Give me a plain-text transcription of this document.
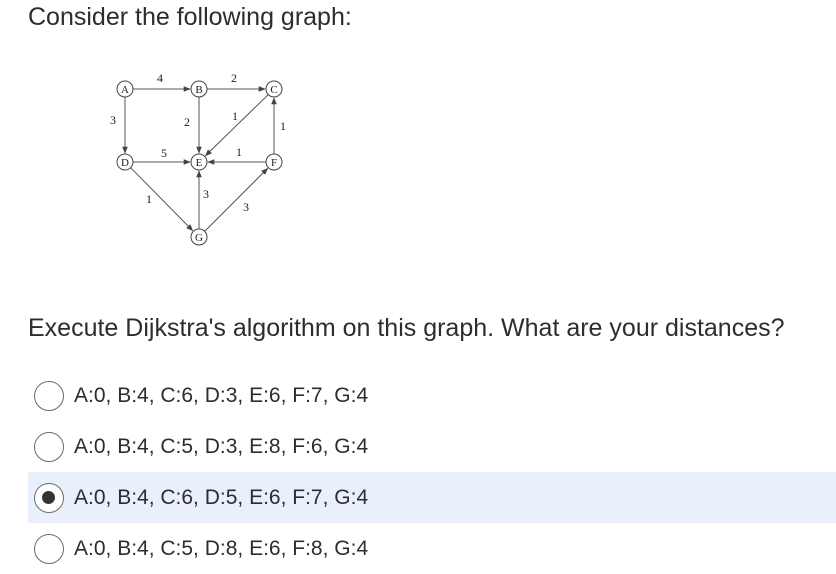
Consider the following graph:

4	2
3	2	1
1
5	1
1	3
3
A	B	C
D	E	F
G

Execute Dijkstra's algorithm on this graph. What are your distances?

A:0, B:4, C:6, D:3, E:6, F:7, G:4
A:0, B:4, C:5, D:3, E:8, F:6, G:4
A:0, B:4, C:6, D:5, E:6, F:7, G:4
A:0, B:4, C:5, D:8, E:6, F:8, G:4
